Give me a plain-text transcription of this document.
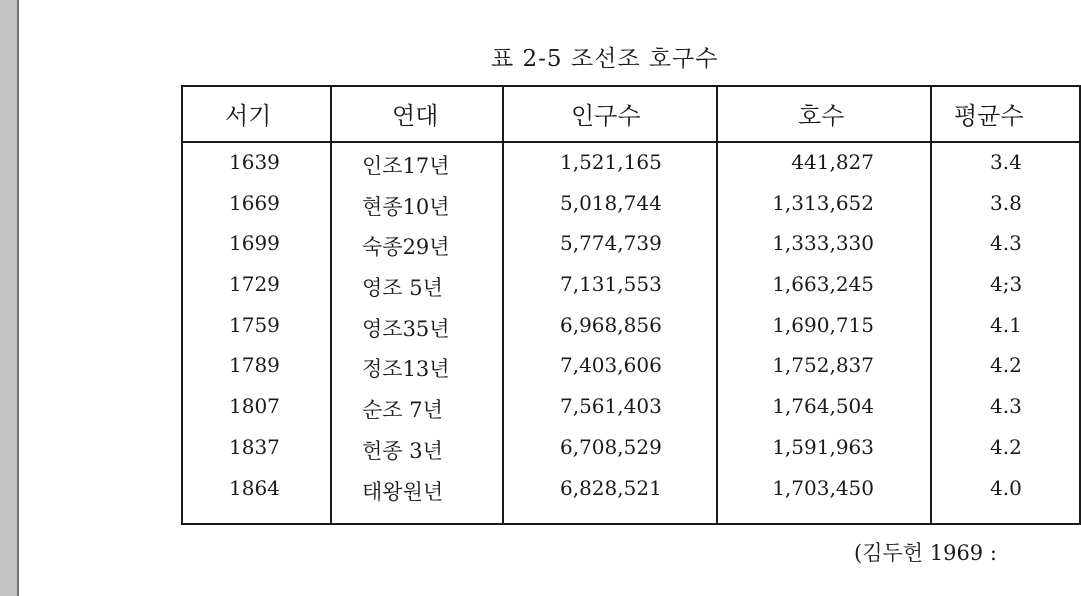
표 2-5 조선조 호구수
서기	연대	인구수	호수	평균수
1639	인조17년	1,521,165	441,827	3.4
1669	현종10년	5,018,744	1,313,652	3.8
1699	숙종29년	5,774,739	1,333,330	4.3
1729	영조 5년	7,131,553	1,663,245	4;3
1759	영조35년	6,968,856	1,690,715	4.1
1789	정조13년	7,403,606	1,752,837	4.2
1807	순조 7년	7,561,403	1,764,504	4.3
1837	헌종 3년	6,708,529	1,591,963	4.2
1864	태왕원년	6,828,521	1,703,450	4.0
(김두헌 1969 :
